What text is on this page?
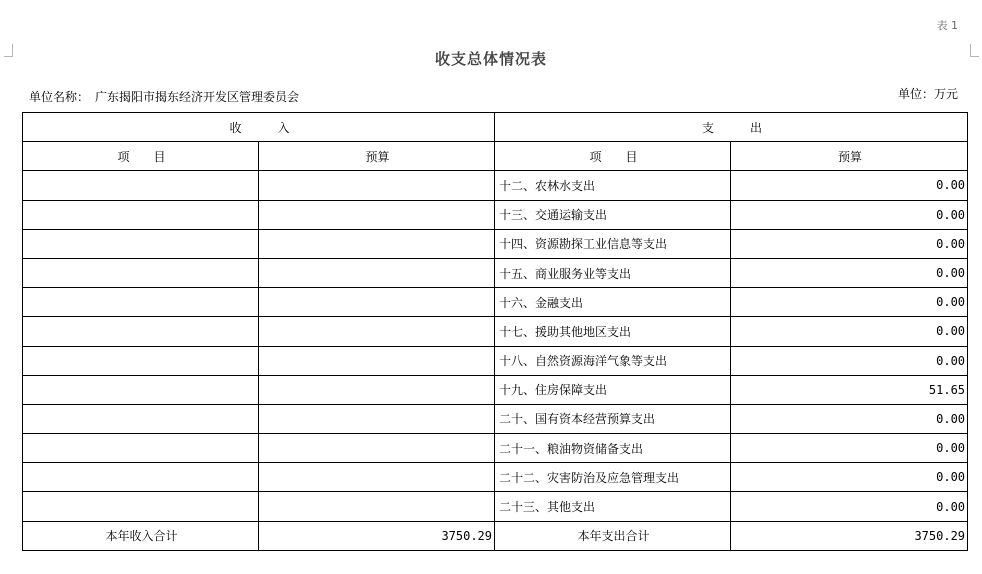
表 1
收支总体情况表
单位名称： 广东揭阳市揭东经济开发区管理委员会	单位：万元
收　　　入		支　　　出	
项　　目	预算	项　　目	预算
		十二、农林水支出	0.00
		十三、交通运输支出	0.00
		十四、资源勘探工业信息等支出	0.00
		十五、商业服务业等支出	0.00
		十六、金融支出	0.00
		十七、援助其他地区支出	0.00
		十八、自然资源海洋气象等支出	0.00
		十九、住房保障支出	51.65
		二十、国有资本经营预算支出	0.00
		二十一、粮油物资储备支出	0.00
		二十二、灾害防治及应急管理支出	0.00
		二十三、其他支出	0.00
本年收入合计	3750.29	本年支出合计	3750.29
